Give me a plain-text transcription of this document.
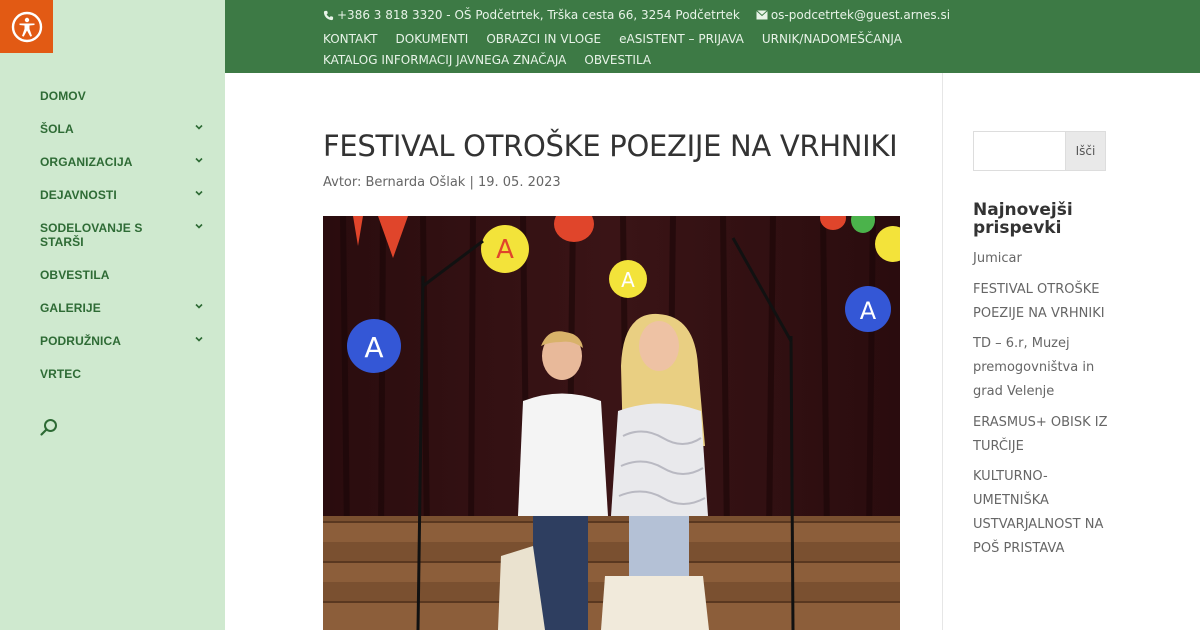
DOMOV
ŠOLA
ORGANIZACIJA
DEJAVNOSTI
SODELOVANJE S STARŠI
OBVESTILA
GALERIJE
PODRUŽNICA
VRTEC
+386 3 818 3320 - OŠ Podčetrtek, Trška cesta 66, 3254 Podčetrtek	os-podcetrtek@guest.arnes.si
KONTAKT DOKUMENTI OBRAZCI IN VLOGE eASISTENT – PRIJAVA URNIK/NADOMEŠČANJA
KATALOG INFORMACIJ JAVNEGA ZNAČAJA OBVESTILA
FESTIVAL OTROŠKE POEZIJE NA VRHNIKI
Avtor: Bernarda Ošlak | 19. 05. 2023
A
A
A
A
Išči
Najnovejši prispevki
Jumicar
FESTIVAL OTROŠKE POEZIJE NA VRHNIKI
TD – 6.r, Muzej premogovništva in grad Velenje
ERASMUS+ OBISK IZ TURČIJE
KULTURNO-UMETNIŠKA USTVARJALNOST NA POŠ PRISTAVA
